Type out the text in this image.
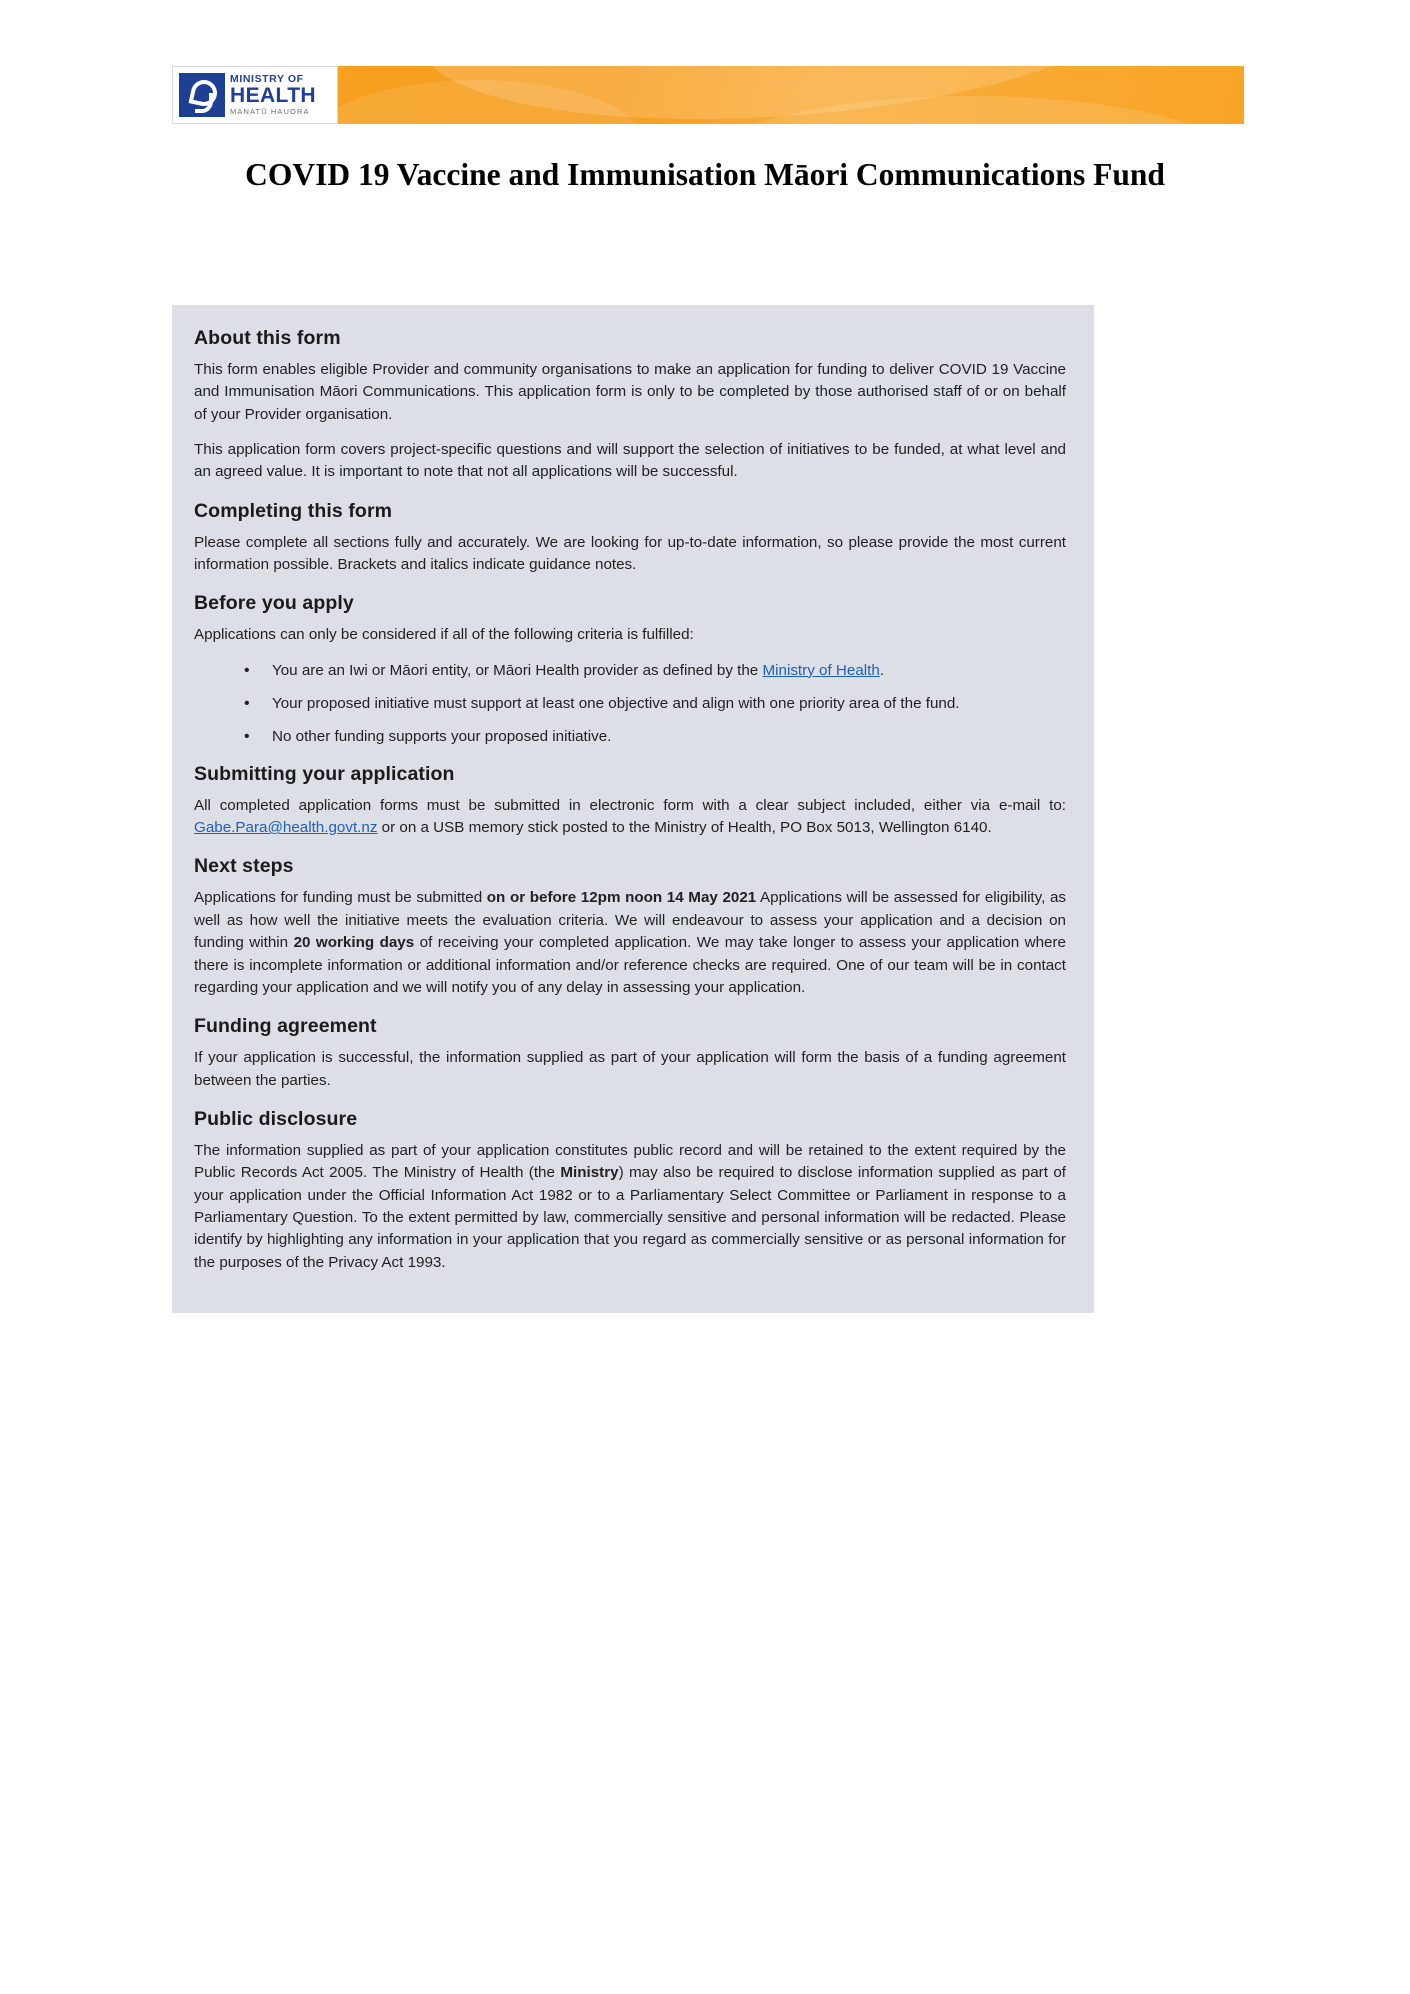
MINISTRY OF
HEALTH
MANATŪ HAUORA
COVID 19 Vaccine and Immunisation Māori Communications Fund
About this form

This form enables eligible Provider and community organisations to make an application for funding to deliver COVID 19 Vaccine and Immunisation Māori Communications. This application form is only to be completed by those authorised staff of or on behalf of your Provider organisation.

This application form covers project-specific questions and will support the selection of initiatives to be funded, at what level and an agreed value. It is important to note that not all applications will be successful.

Completing this form

Please complete all sections fully and accurately. We are looking for up-to-date information, so please provide the most current information possible. Brackets and italics indicate guidance notes.

Before you apply

Applications can only be considered if all of the following criteria is fulfilled:

• You are an Iwi or Māori entity, or Māori Health provider as defined by the Ministry of Health.
• Your proposed initiative must support at least one objective and align with one priority area of the fund.
• No other funding supports your proposed initiative.
Submitting your application

All completed application forms must be submitted in electronic form with a clear subject included, either via e-mail to: Gabe.Para@health.govt.nz or on a USB memory stick posted to the Ministry of Health, PO Box 5013, Wellington 6140.

Next steps

Applications for funding must be submitted on or before 12pm noon 14 May 2021 Applications will be assessed for eligibility, as well as how well the initiative meets the evaluation criteria. We will endeavour to assess your application and a decision on funding within 20 working days of receiving your completed application. We may take longer to assess your application where there is incomplete information or additional information and/or reference checks are required. One of our team will be in contact regarding your application and we will notify you of any delay in assessing your application.

Funding agreement

If your application is successful, the information supplied as part of your application will form the basis of a funding agreement between the parties.

Public disclosure

The information supplied as part of your application constitutes public record and will be retained to the extent required by the Public Records Act 2005. The Ministry of Health (the Ministry) may also be required to disclose information supplied as part of your application under the Official Information Act 1982 or to a Parliamentary Select Committee or Parliament in response to a Parliamentary Question. To the extent permitted by law, commercially sensitive and personal information will be redacted. Please identify by highlighting any information in your application that you regard as commercially sensitive or as personal information for the purposes of the Privacy Act 1993.
